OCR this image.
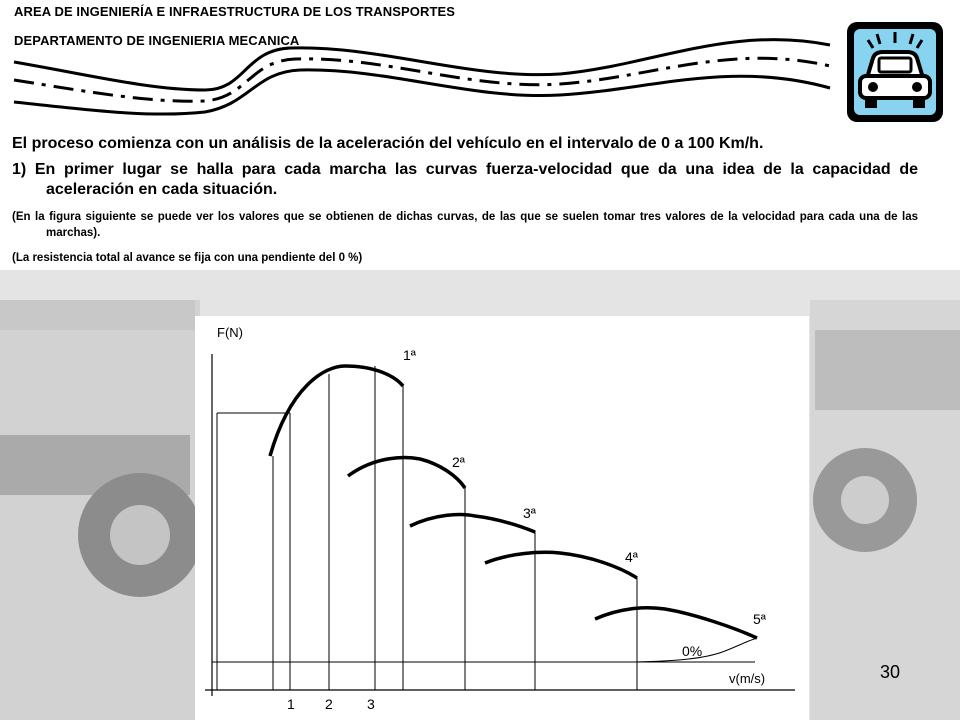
AREA DE INGENIERÍA E INFRAESTRUCTURA DE LOS TRANSPORTES
DEPARTAMENTO DE INGENIERIA MECANICA
El proceso comienza con un análisis de la aceleración del vehículo en el intervalo de 0 a 100 Km/h.
1) En primer lugar se halla para cada marcha las curvas fuerza-velocidad que da una idea de la capacidad de aceleración en cada situación.
(En la figura siguiente se puede ver los valores que se obtienen de dichas curvas, de las que se suelen tomar tres valores de la velocidad para cada una de las marchas).
(La resistencia total al avance se fija con una pendiente del 0 %)
F(N)
v(m/s)
1ª
2ª
3ª
4ª
5ª
0%
1 2 3
30
